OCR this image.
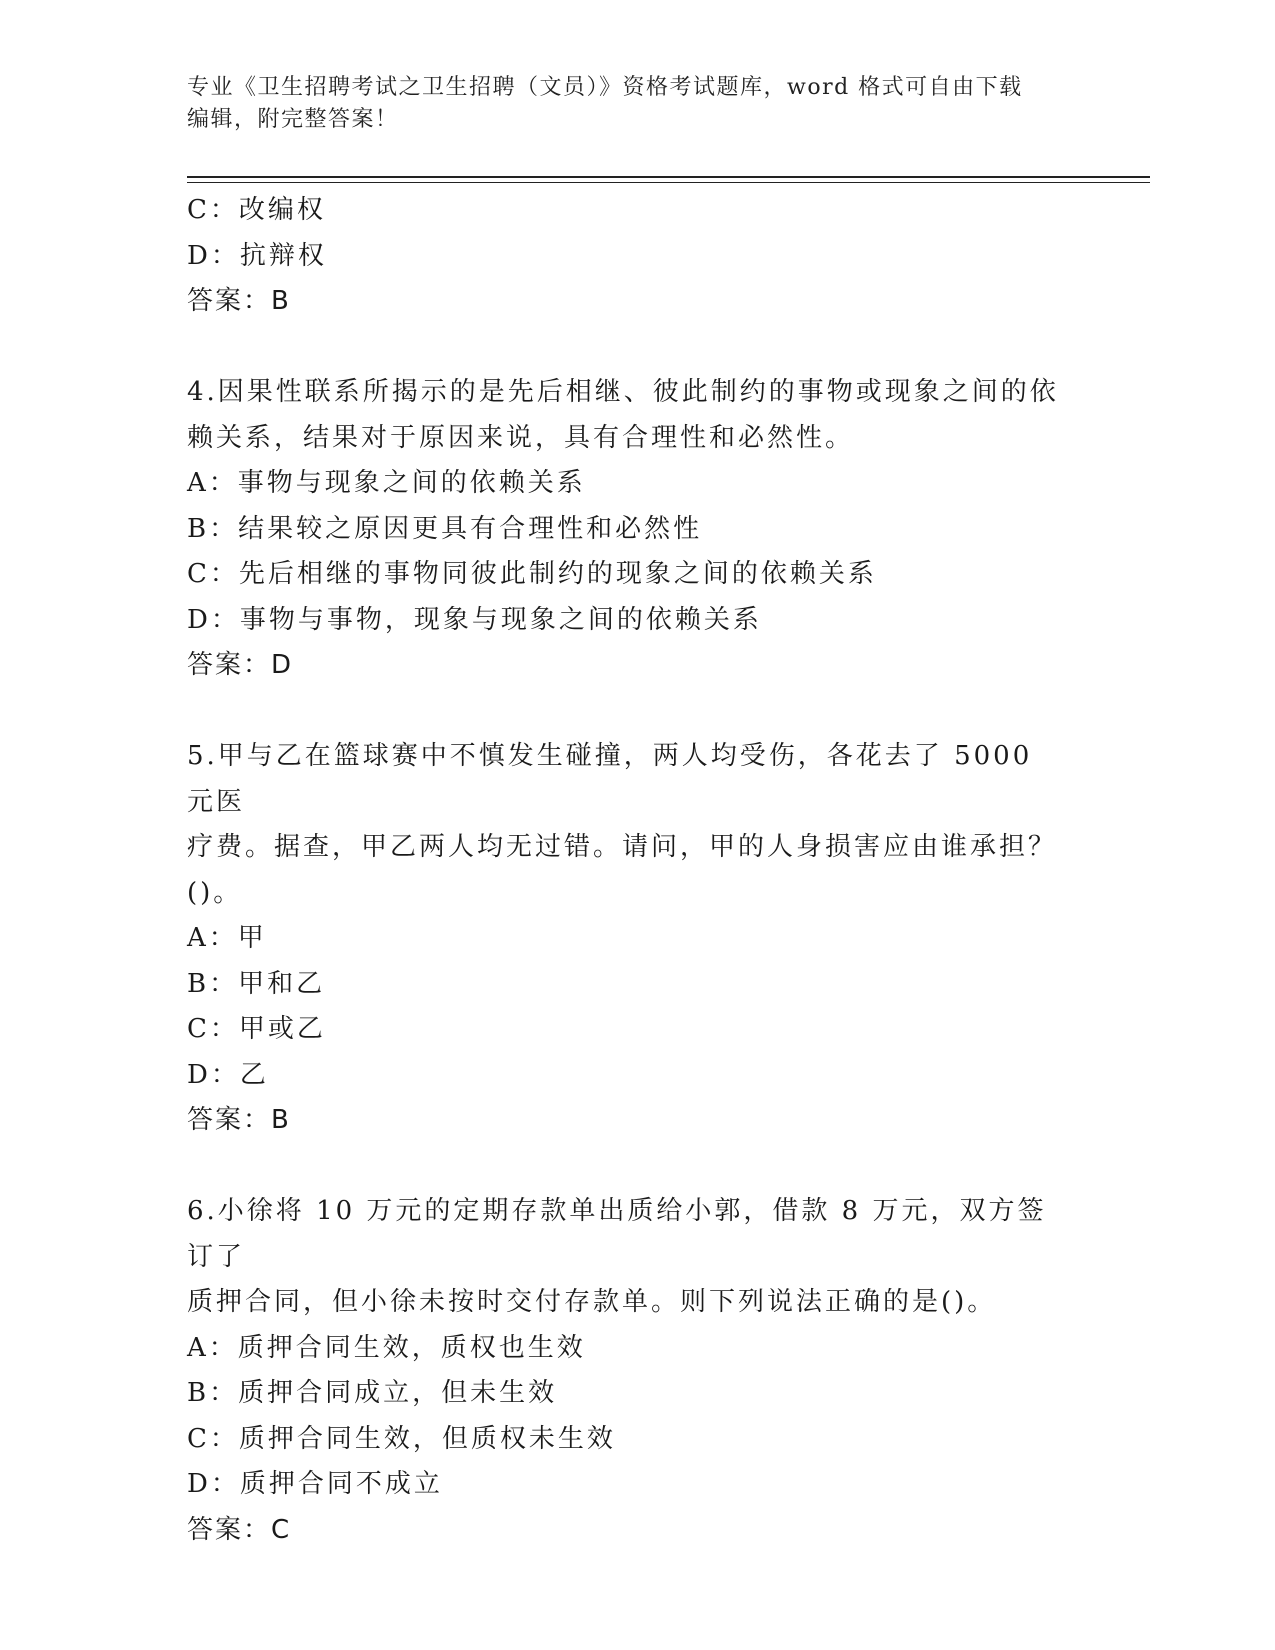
专业《卫生招聘考试之卫生招聘（文员）》资格考试题库，word 格式可自由下载
编辑，附完整答案！
C：改编权
D：抗辩权
答案：B
4.因果性联系所揭示的是先后相继、彼此制约的事物或现象之间的依
赖关系，结果对于原因来说，具有合理性和必然性。
A：事物与现象之间的依赖关系
B：结果较之原因更具有合理性和必然性
C：先后相继的事物同彼此制约的现象之间的依赖关系
D：事物与事物，现象与现象之间的依赖关系
答案：D
5.甲与乙在篮球赛中不慎发生碰撞，两人均受伤，各花去了 5000 元医
疗费。据查，甲乙两人均无过错。请问，甲的人身损害应由谁承担？
()。
A：甲
B：甲和乙
C：甲或乙
D：乙
答案：B
6.小徐将 10 万元的定期存款单出质给小郭，借款 8 万元，双方签订了
质押合同，但小徐未按时交付存款单。则下列说法正确的是()。
A：质押合同生效，质权也生效
B：质押合同成立，但未生效
C：质押合同生效，但质权未生效
D：质押合同不成立
答案：C
